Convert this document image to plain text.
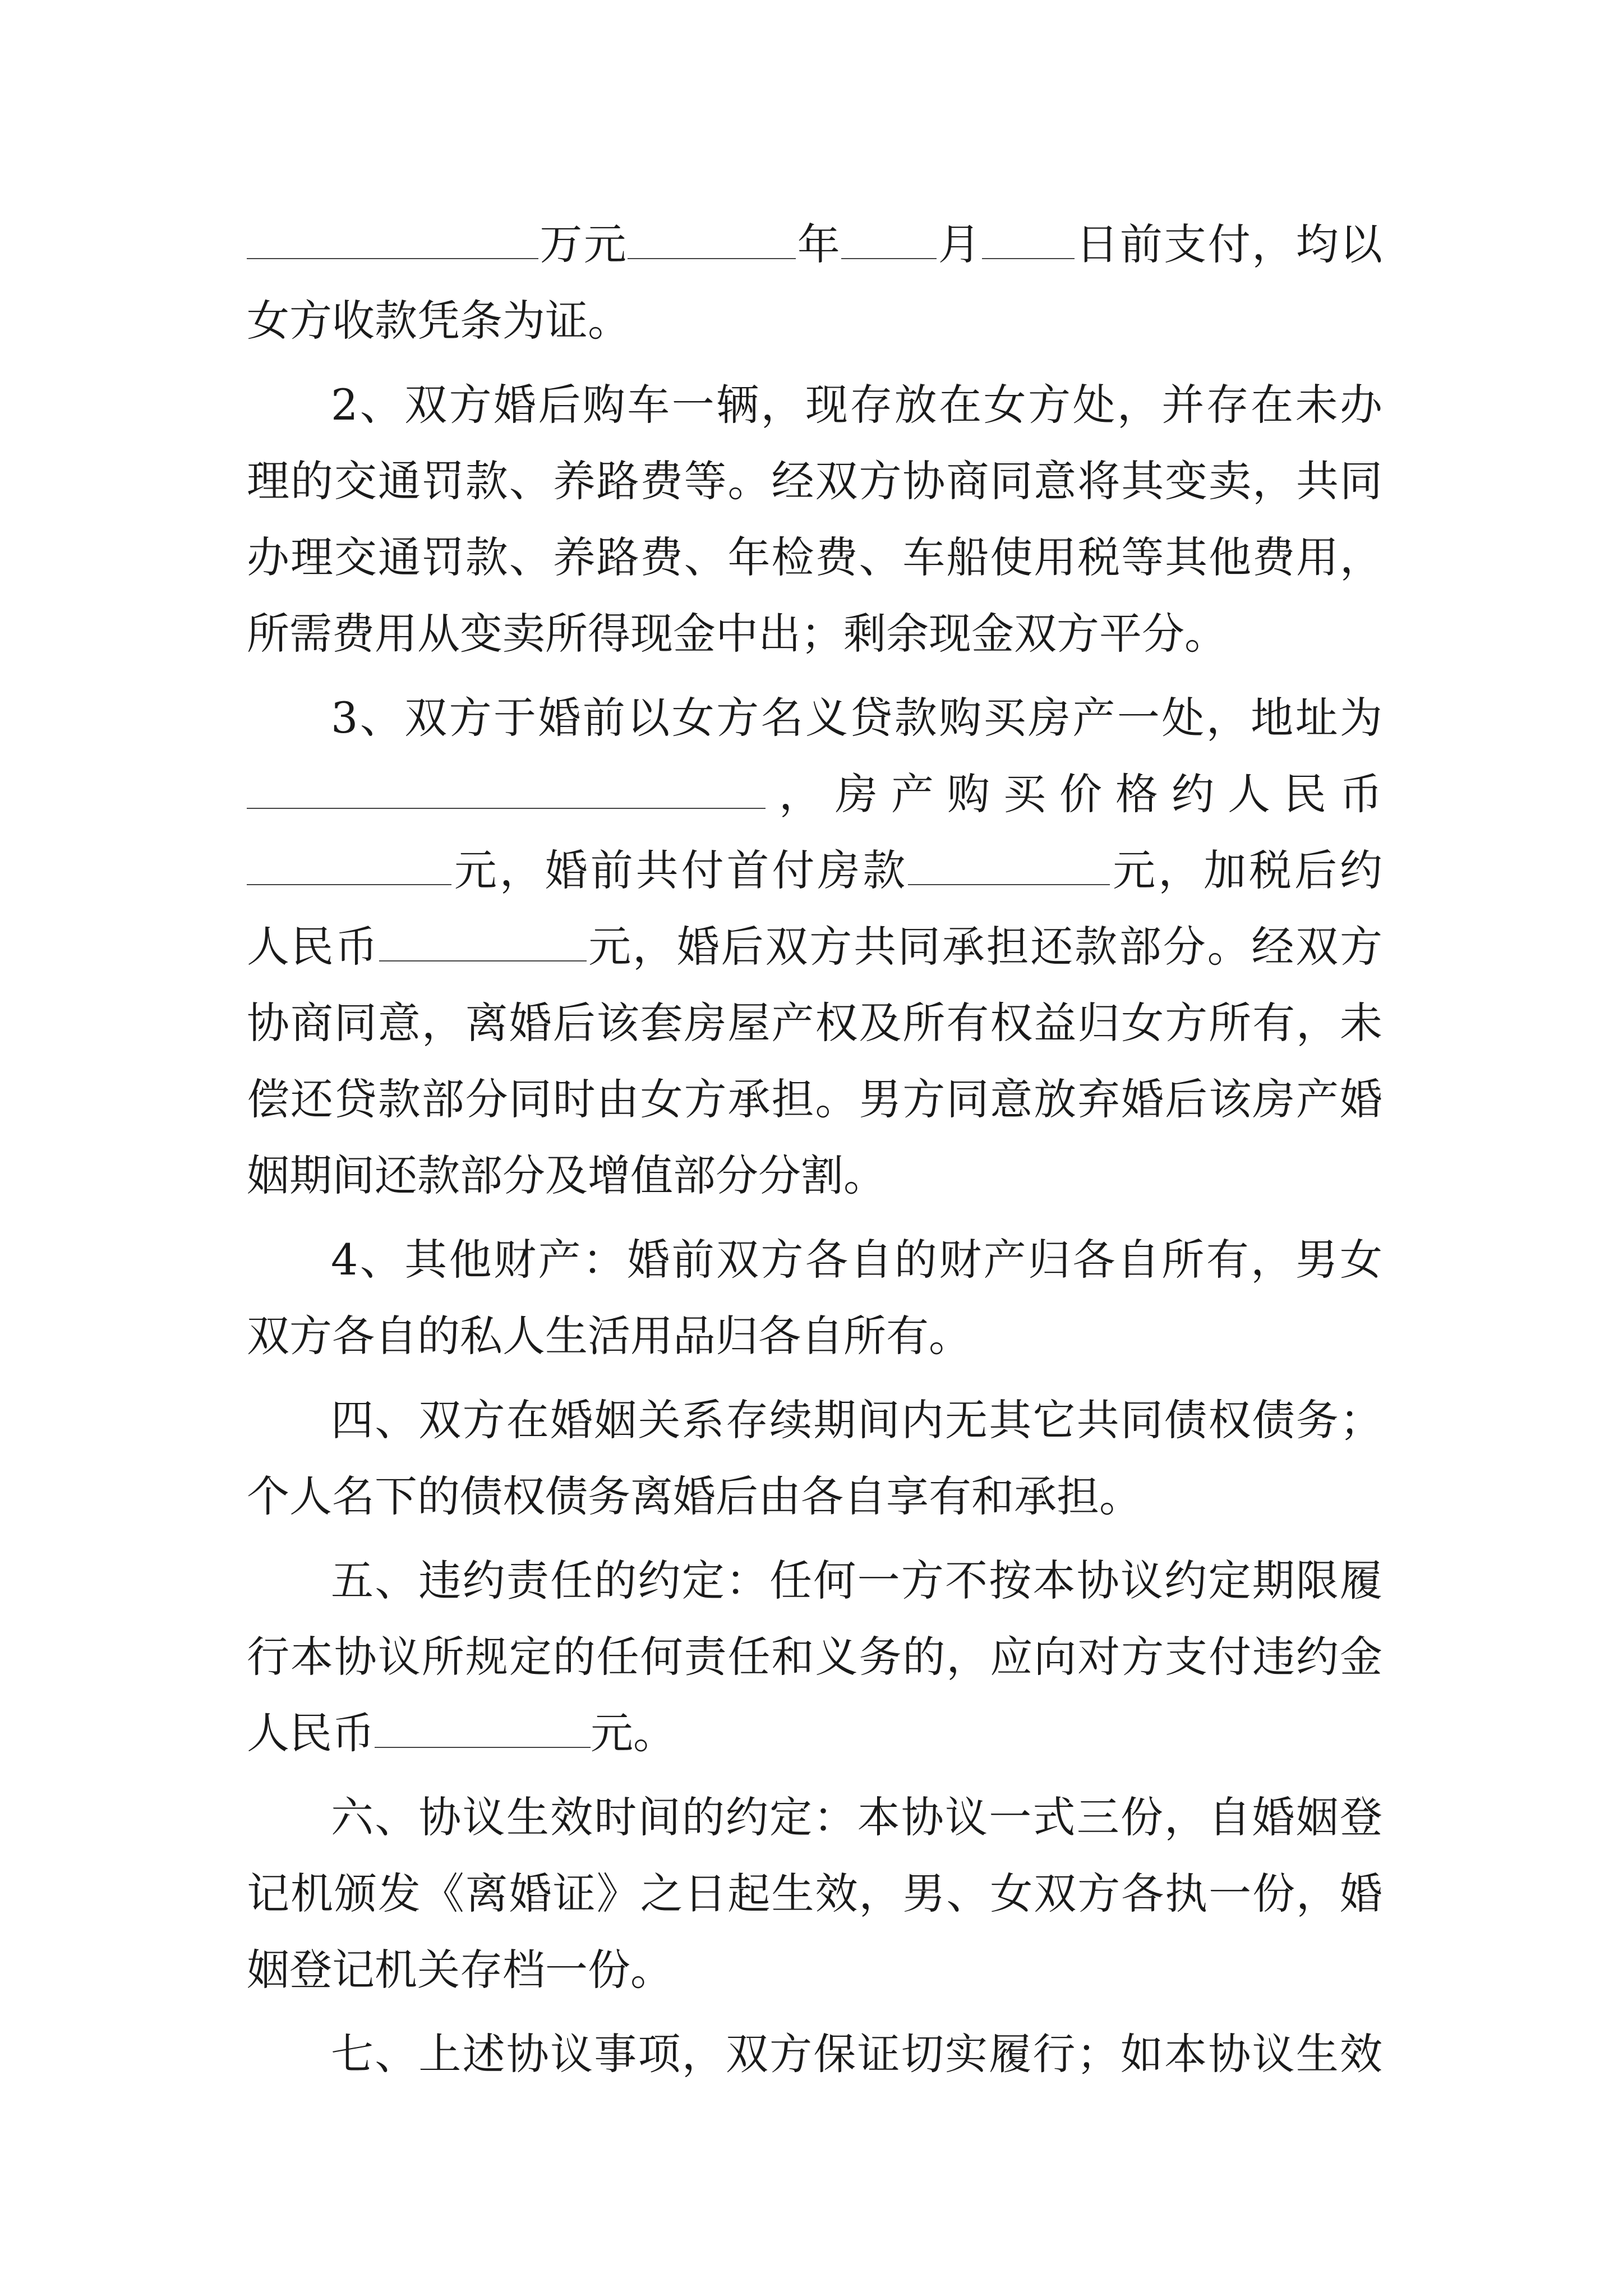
万元	年 月 日前支付，均以
女方收款凭条为证。
2、双方婚后购车一辆，现存放在女方处，并存在未办
理的交通罚款、养路费等。经双方协商同意将其变卖，共同
办理交通罚款、养路费、年检费、车船使用税等其他费用，
所需费用从变卖所得现金中出；剩余现金双方平分。
3、双方于婚前以女方名义贷款购买房产一处，地址为
，房产购买价格约人民币
元，婚前共付首付房款	元，加税后约
人民币	元，婚后双方共同承担还款部分。经双方
协商同意，离婚后该套房屋产权及所有权益归女方所有，未
偿还贷款部分同时由女方承担。男方同意放弃婚后该房产婚
姻期间还款部分及增值部分分割。
4、其他财产：婚前双方各自的财产归各自所有，男女
双方各自的私人生活用品归各自所有。
四、双方在婚姻关系存续期间内无其它共同债权债务；
个人名下的债权债务离婚后由各自享有和承担。
五、违约责任的约定：任何一方不按本协议约定期限履
行本协议所规定的任何责任和义务的，应向对方支付违约金
人民币	元。
六、协议生效时间的约定：本协议一式三份，自婚姻登
记机颁发《离婚证》之日起生效，男、女双方各执一份，婚
姻登记机关存档一份。
七、上述协议事项，双方保证切实履行；如本协议生效
